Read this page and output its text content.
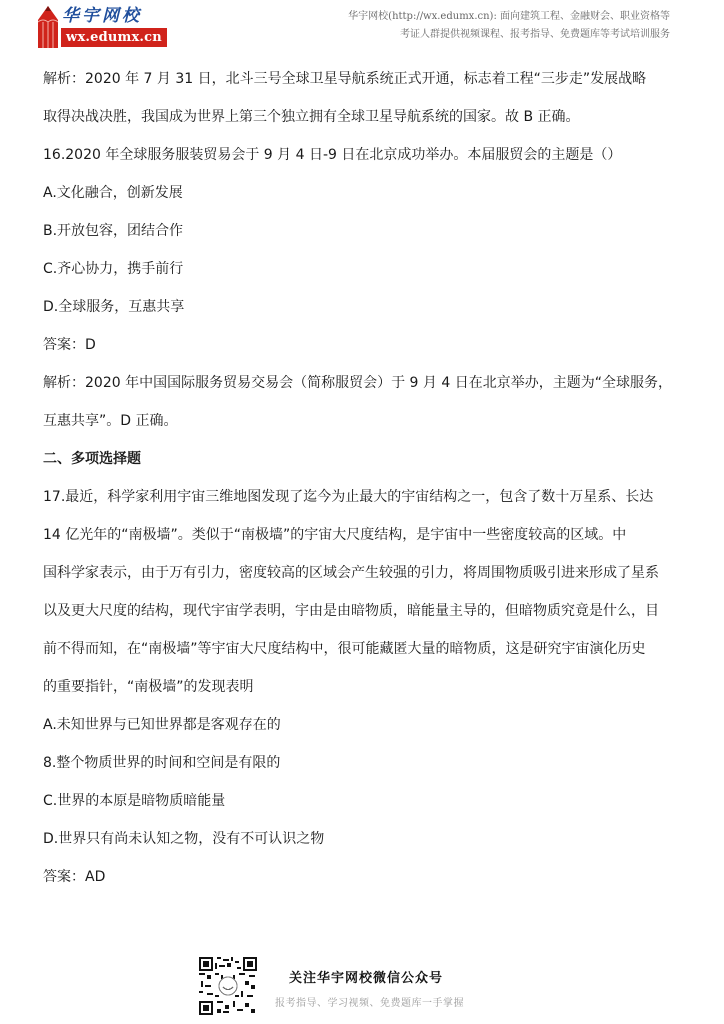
华宇网校
wx.edumx.cn
华宇网校(http://wx.edumx.cn): 面向建筑工程、金融财会、职业资格等
考证人群提供视频课程、报考指导、免费题库等考试培训服务

解析：2020 年 7 月 31 日，北斗三号全球卫星导航系统正式开通，标志着工程“三步走”发展战略

取得决战决胜，我国成为世界上第三个独立拥有全球卫星导航系统的国家。故 B 正确。

16.2020 年全球服务服装贸易会于 9 月 4 日-9 日在北京成功举办。本届服贸会的主题是（）

A.文化融合，创新发展

B.开放包容，团结合作

C.齐心协力，携手前行

D.全球服务，互惠共享

答案：D

解析：2020 年中国国际服务贸易交易会（简称服贸会）于 9 月 4 日在北京举办，主题为“全球服务，

互惠共享”。D 正确。

二、多项选择题

17.最近，科学家利用宇宙三维地图发现了迄今为止最大的宇宙结构之一，包含了数十万星系、长达

14 亿光年的“南极墙”。类似于“南极墙”的宇宙大尺度结构，是宇宙中一些密度较高的区域。中

国科学家表示，由于万有引力，密度较高的区域会产生较强的引力，将周围物质吸引进来形成了星系

以及更大尺度的结构，现代宇宙学表明，宇由是由暗物质，暗能量主导的，但暗物质究竟是什么，目

前不得而知，在“南极墙”等宇宙大尺度结构中，很可能藏匿大量的暗物质，这是研究宇宙演化历史

的重要指针，“南极墙”的发现表明

A.未知世界与已知世界都是客观存在的

8.整个物质世界的时间和空间是有限的

C.世界的本原是暗物质暗能量

D.世界只有尚未认知之物，没有不可认识之物

答案：AD

关注华宇网校微信公众号
报考指导、学习视频、免费题库一手掌握
